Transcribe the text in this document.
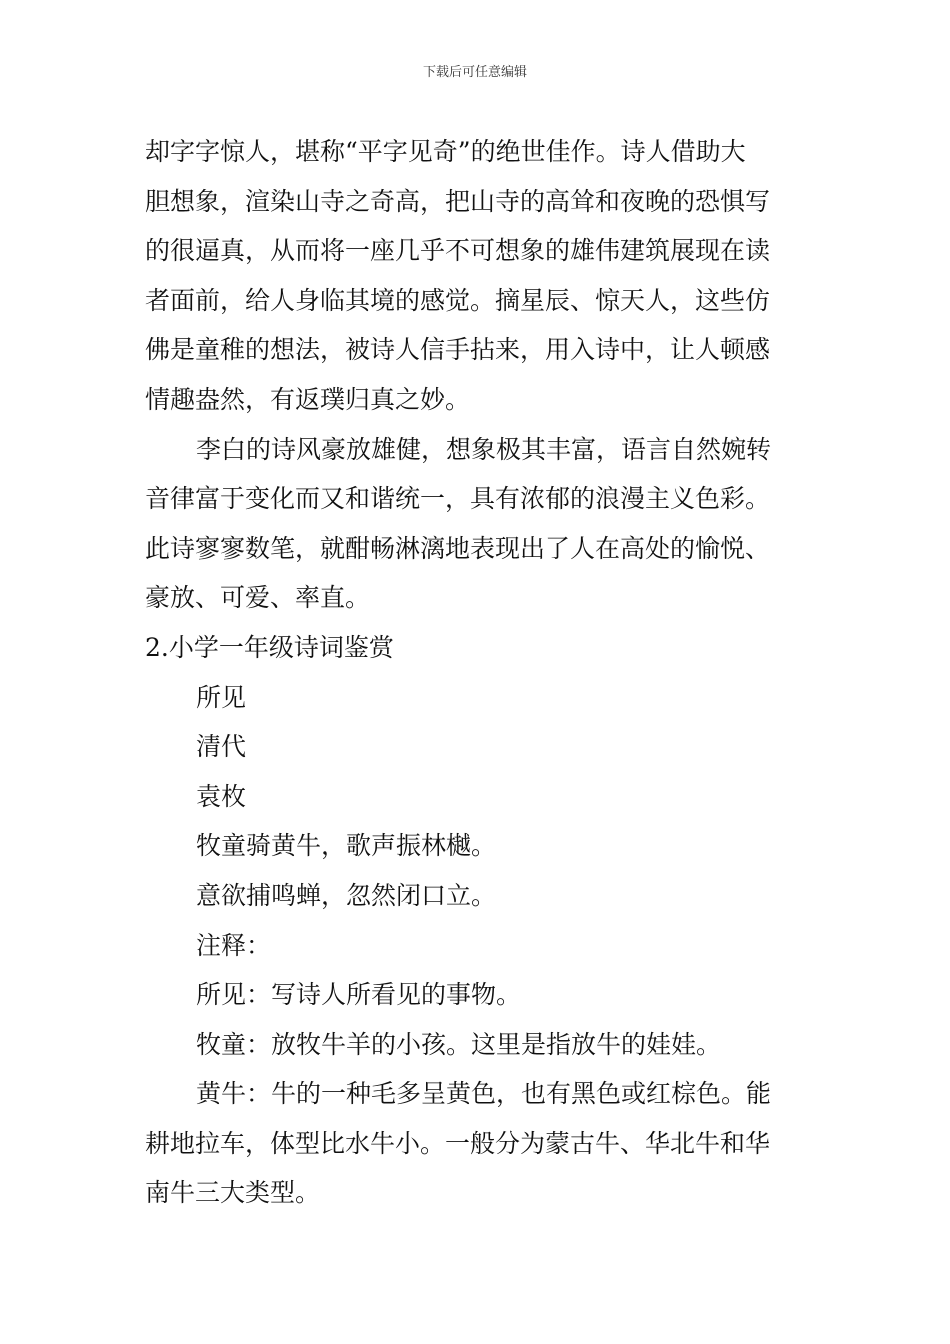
下载后可任意编辑
却字字惊人，堪称“平字见奇”的绝世佳作。诗人借助大
胆想象，渲染山寺之奇高，把山寺的高耸和夜晚的恐惧写
的很逼真，从而将一座几乎不可想象的雄伟建筑展现在读
者面前，给人身临其境的感觉。摘星辰、惊天人，这些仿
佛是童稚的想法，被诗人信手拈来，用入诗中，让人顿感
情趣盎然，有返璞归真之妙。
李白的诗风豪放雄健，想象极其丰富，语言自然婉转
音律富于变化而又和谐统一，具有浓郁的浪漫主义色彩。
此诗寥寥数笔，就酣畅淋漓地表现出了人在高处的愉悦、
豪放、可爱、率直。
2.小学一年级诗词鉴赏
所见
清代
袁枚
牧童骑黄牛，歌声振林樾。
意欲捕鸣蝉，忽然闭口立。
注释：
所见：写诗人所看见的事物。
牧童：放牧牛羊的小孩。这里是指放牛的娃娃。
黄牛：牛的一种毛多呈黄色，也有黑色或红棕色。能
耕地拉车，体型比水牛小。一般分为蒙古牛、华北牛和华
南牛三大类型。
